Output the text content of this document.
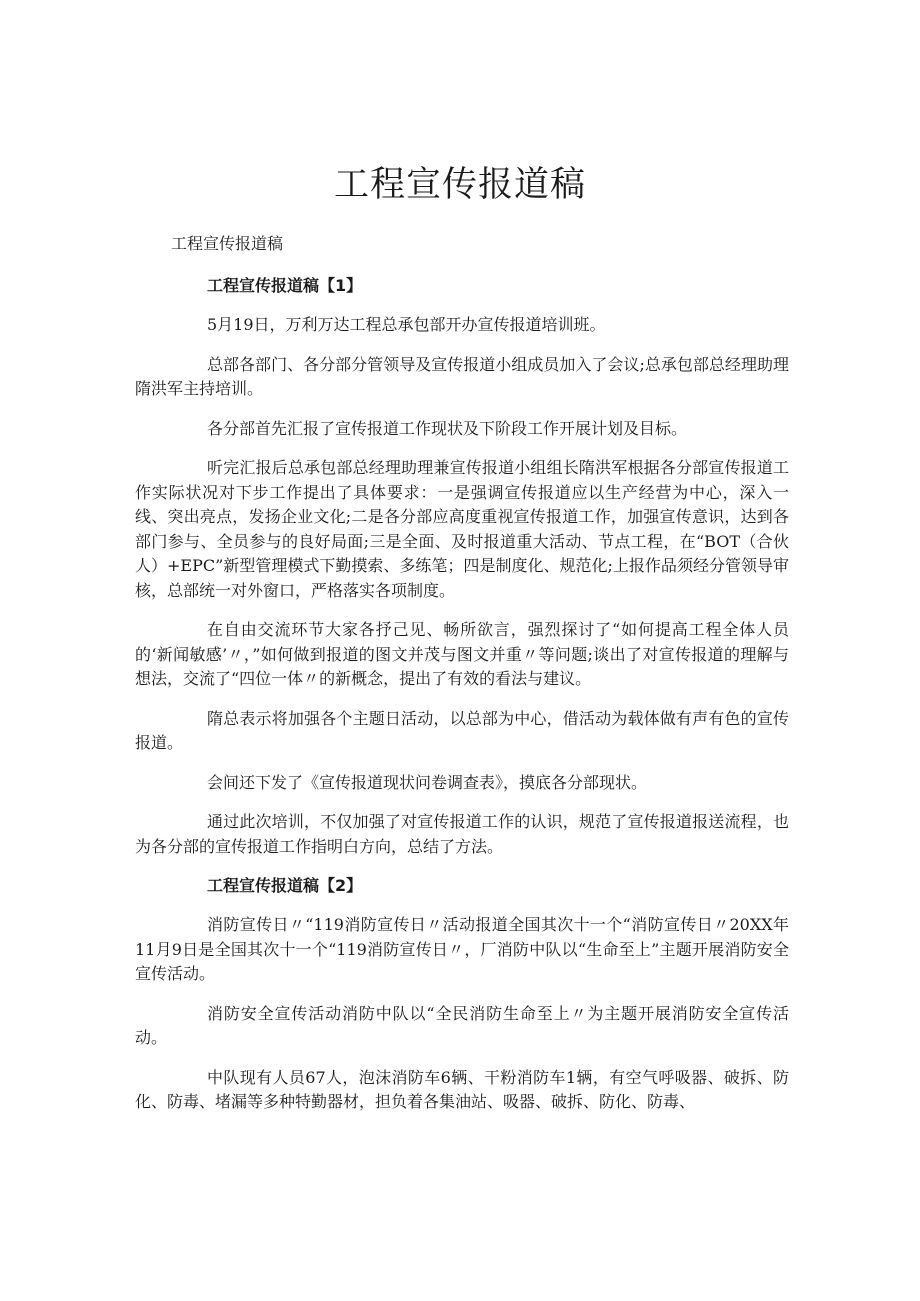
工程宣传报道稿

工程宣传报道稿

工程宣传报道稿【1】

5月19日，万利万达工程总承包部开办宣传报道培训班。

总部各部门、各分部分管领导及宣传报道小组成员加入了会议;总承包部总经理助理隋洪军主持培训。

各分部首先汇报了宣传报道工作现状及下阶段工作开展计划及目标。

听完汇报后总承包部总经理助理兼宣传报道小组组长隋洪军根据各分部宣传报道工作实际状况对下步工作提出了具体要求：一是强调宣传报道应以生产经营为中心，深入一线、突出亮点，发扬企业文化;二是各分部应高度重视宣传报道工作，加强宣传意识，达到各部门参与、全员参与的良好局面;三是全面、及时报道重大活动、节点工程，在“BOT（合伙人）+EPC”新型管理模式下勤摸索、多练笔；四是制度化、规范化;上报作品须经分管领导审核，总部统一对外窗口，严格落实各项制度。

在自由交流环节大家各抒己见、畅所欲言，强烈探讨了“如何提高工程全体人员的‘新闻敏感’〃，”如何做到报道的图文并茂与图文并重〃等问题;谈出了对宣传报道的理解与想法，交流了“四位一体〃的新概念，提出了有效的看法与建议。

隋总表示将加强各个主题日活动，以总部为中心，借活动为载体做有声有色的宣传报道。

会间还下发了《宣传报道现状问卷调查表》，摸底各分部现状。

通过此次培训，不仅加强了对宣传报道工作的认识，规范了宣传报道报送流程，也为各分部的宣传报道工作指明白方向，总结了方法。

工程宣传报道稿【2】

消防宣传日〃“119消防宣传日〃活动报道全国其次十一个“消防宣传日〃20XX年11月9日是全国其次十一个“119消防宣传日〃，厂消防中队以“生命至上”主题开展消防安全宣传活动。

消防安全宣传活动消防中队以“全民消防生命至上〃为主题开展消防安全宣传活动。

中队现有人员67人，泡沫消防车6辆、干粉消防车1辆，有空气呼吸器、破拆、防化、防毒、堵漏等多种特勤器材，担负着各集油站、吸器、破拆、防化、防毒、
